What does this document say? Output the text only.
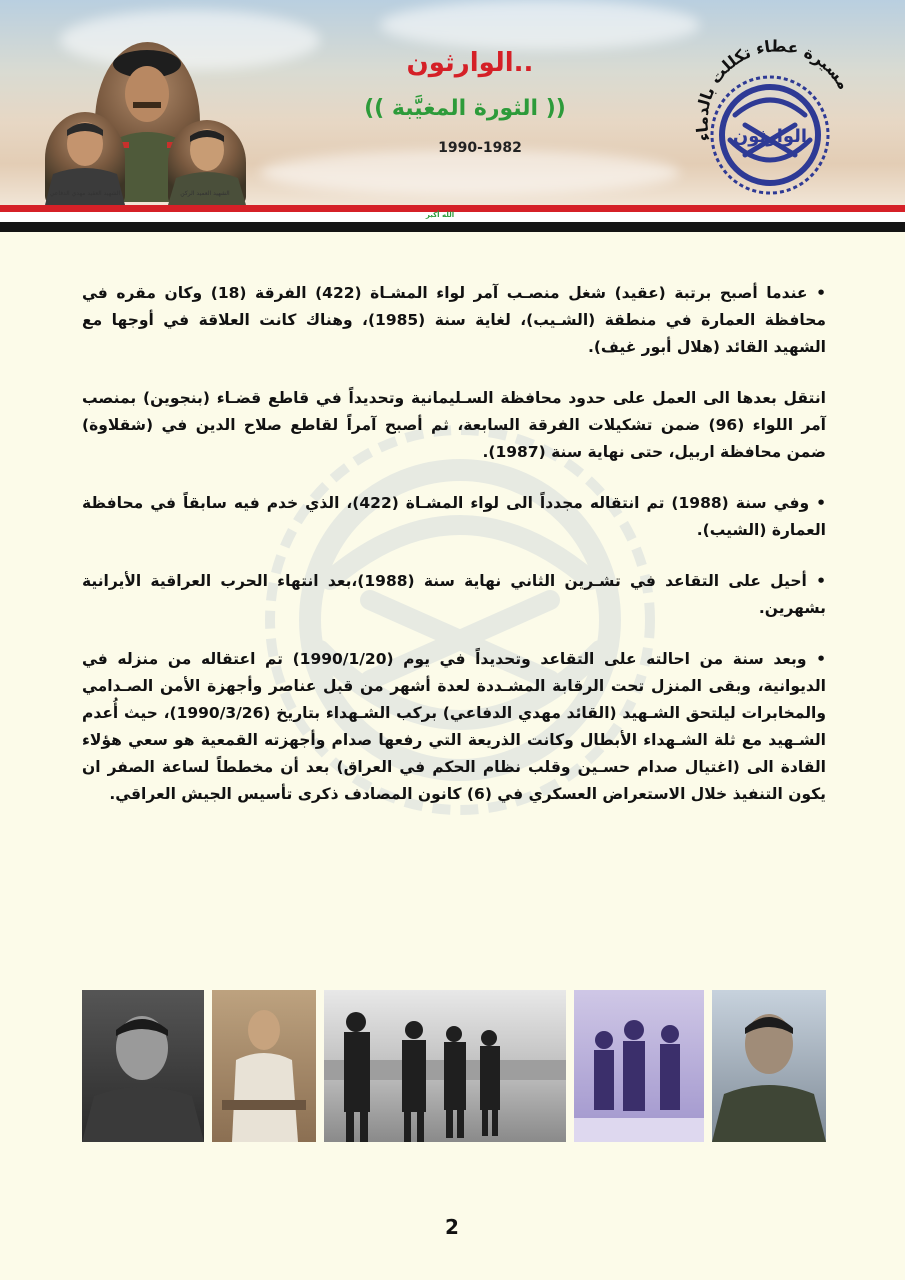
الشهيد العقيد مهدي الدفاعي	الشهيد العميد الركن
الوارثون..
(( الثورة المغيَّبة ))
1990-1982
مسيرة عطاء تكللت بالدماء
الوارثون
الله أكبر

• عندما أصبح برتبة (عقيد) شغل منصـب آمر لواء المشـاة (422) الفرقة (18) وكان مقره في محافظة العمارة في منطقة (الشـيب)، لغاية سنة (1985)، وهناك كانت العلاقة في أوجها مع الشهيد القائد (هلال أبور غيف).

انتقل بعدها الى العمل على حدود محافظة السـليمانية وتحديداً في قاطع قضـاء (بنجوين) بمنصب آمر اللواء (96) ضمن تشكيلات الفرقة السابعة، ثم أصبح آمراً لقاطع صلاح الدين في (شقلاوة) ضمن محافظة اربيل، حتى نهاية سنة (1987).

• وفي سنة (1988) تم انتقاله مجدداً الى لواء المشـاة (422)، الذي خدم فيه سابقاً في محافظة العمارة (الشيب).

• أحيل على التقاعد في تشـرين الثاني نهاية سنة (1988)،بعد انتهاء الحرب العراقية الأيرانية بشهرين.

• وبعد سنة من احالته على التقاعد وتحديداً في يوم (1990/1/20) تم اعتقاله من منزله في الديوانية، وبقى المنزل تحت الرقابة المشـددة لعدة أشهر من قبل عناصر وأجهزة الأمن الصـدامي والمخابرات ليلتحق الشـهيد (القائد مهدي الدفاعي) بركب الشـهداء بتاريخ (1990/3/26)، حيث أُعدم الشـهيد مع ثلة الشـهداء الأبطال وكانت الذريعة التي رفعها صدام وأجهزته القمعية هو سعي هؤلاء القادة الى (اغتيال صدام حسـين وقلب نظام الحكم في العراق) بعد أن مخططاً لساعة الصفر ان يكون التنفيذ خلال الاستعراض العسكري في (6) كانون المصادف ذكرى تأسيس الجيش العراقي.

2
